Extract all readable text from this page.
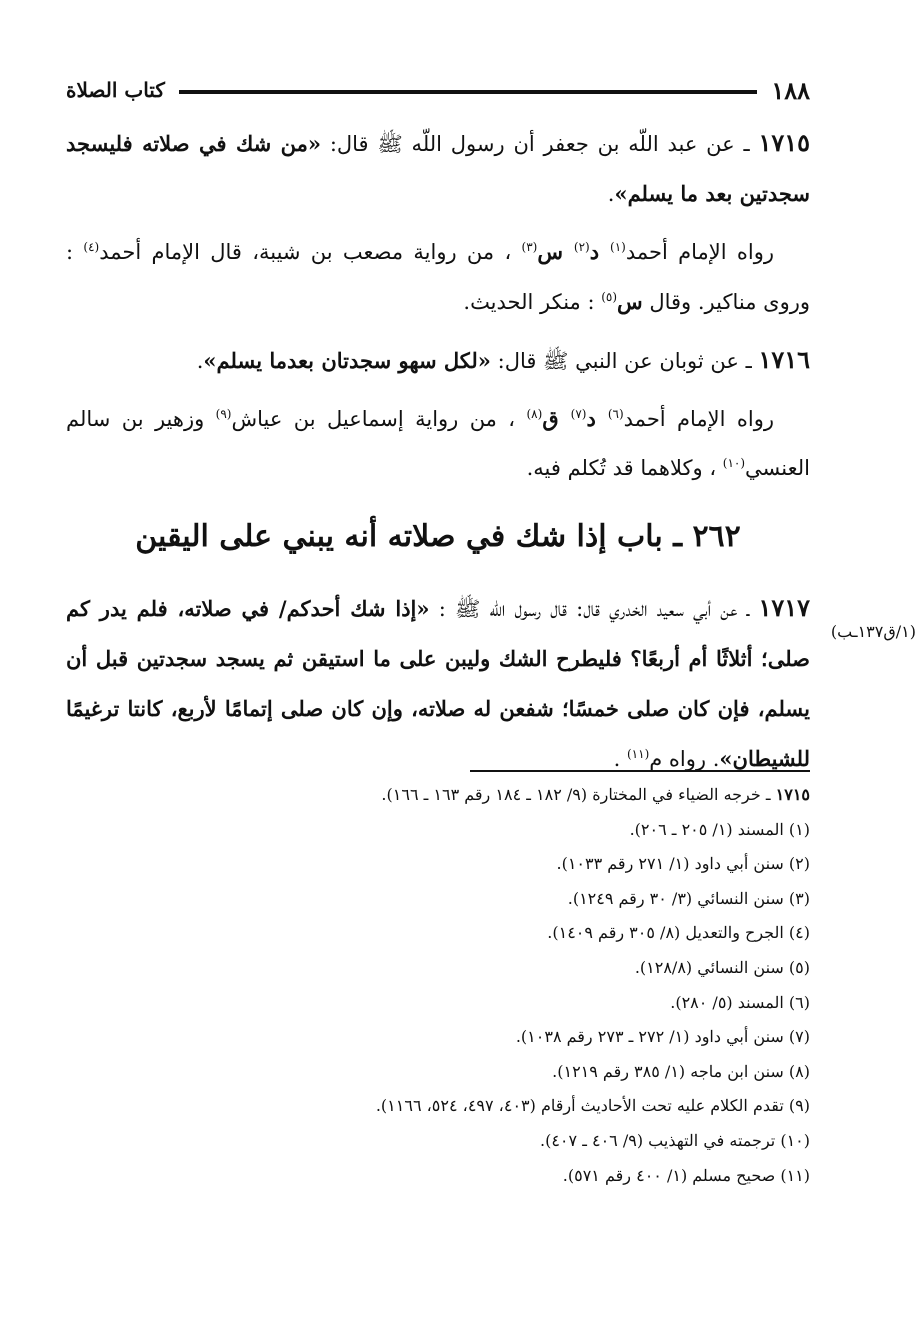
١٨٨
كتاب الصلاة

١٧١٥ ـ عن عبد اللّه بن جعفر أن رسول اللّه ﷺ قال: «من شك في صلاته فليسجد سجدتين بعد ما يسلم».

رواه الإمام أحمد$^{(١)}$ د$^{(٢)}$ س$^{(٣)}$ ، من رواية مصعب بن شيبة، قال الإمام أحمد$^{(٤)}$ : وروى مناكير. وقال س$^{(٥)}$ : منكر الحديث.

١٧١٦ ـ عن ثوبان عن النبي ﷺ قال: «لكل سهو سجدتان بعدما يسلم».

رواه الإمام أحمد$^{(٦)}$ د$^{(٧)}$ ق$^{(٨)}$ ، من رواية إسماعيل بن عياش$^{(٩)}$ وزهير بن سالم العنسي$^{(١٠)}$ ، وكلاهما قد تُكلم فيه.

٢٦٢ ـ باب إذا شك في صلاته أنه يبني على اليقين

١٧١٧ ـ عن أبي سعيد الخدري قال: قال رسول اللّه ﷺ : «إذا شك أحدكم/ في صلاته، فلم يدر كم صلى؛ أثلاثًا أم أربعًا؟ فليطرح الشك وليبن على ما استيقن ثم يسجد سجدتين قبل أن يسلم، فإن كان صلى خمسًا؛ شفعن له صلاته، وإن كان صلى إتمامًا لأربع، كانتا ترغيمًا للشيطان». رواه م$^{(١١)}$ .

(١/ق١٣٧ـب)

١٧١٥ ـ خرجه الضياء في المختارة (٩/ ١٨٢ ـ ١٨٤ رقم ١٦٣ ـ ١٦٦).

(١) المسند (١/ ٢٠٥ ـ ٢٠٦).

(٢) سنن أبي داود (١/ ٢٧١ رقم ١٠٣٣).

(٣) سنن النسائي (٣/ ٣٠ رقم ١٢٤٩).

(٤) الجرح والتعديل (٨/ ٣٠٥ رقم ١٤٠٩).

(٥) سنن النسائي (١٢٨/٨).

(٦) المسند (٥/ ٢٨٠).

(٧) سنن أبي داود (١/ ٢٧٢ ـ ٢٧٣ رقم ١٠٣٨).

(٨) سنن ابن ماجه (١/ ٣٨٥ رقم ١٢١٩).

(٩) تقدم الكلام عليه تحت الأحاديث أرقام (٤٠٣، ٤٩٧، ٥٢٤، ١١٦٦).

(١٠) ترجمته في التهذيب (٩/ ٤٠٦ ـ ٤٠٧).

(١١) صحيح مسلم (١/ ٤٠٠ رقم ٥٧١).
